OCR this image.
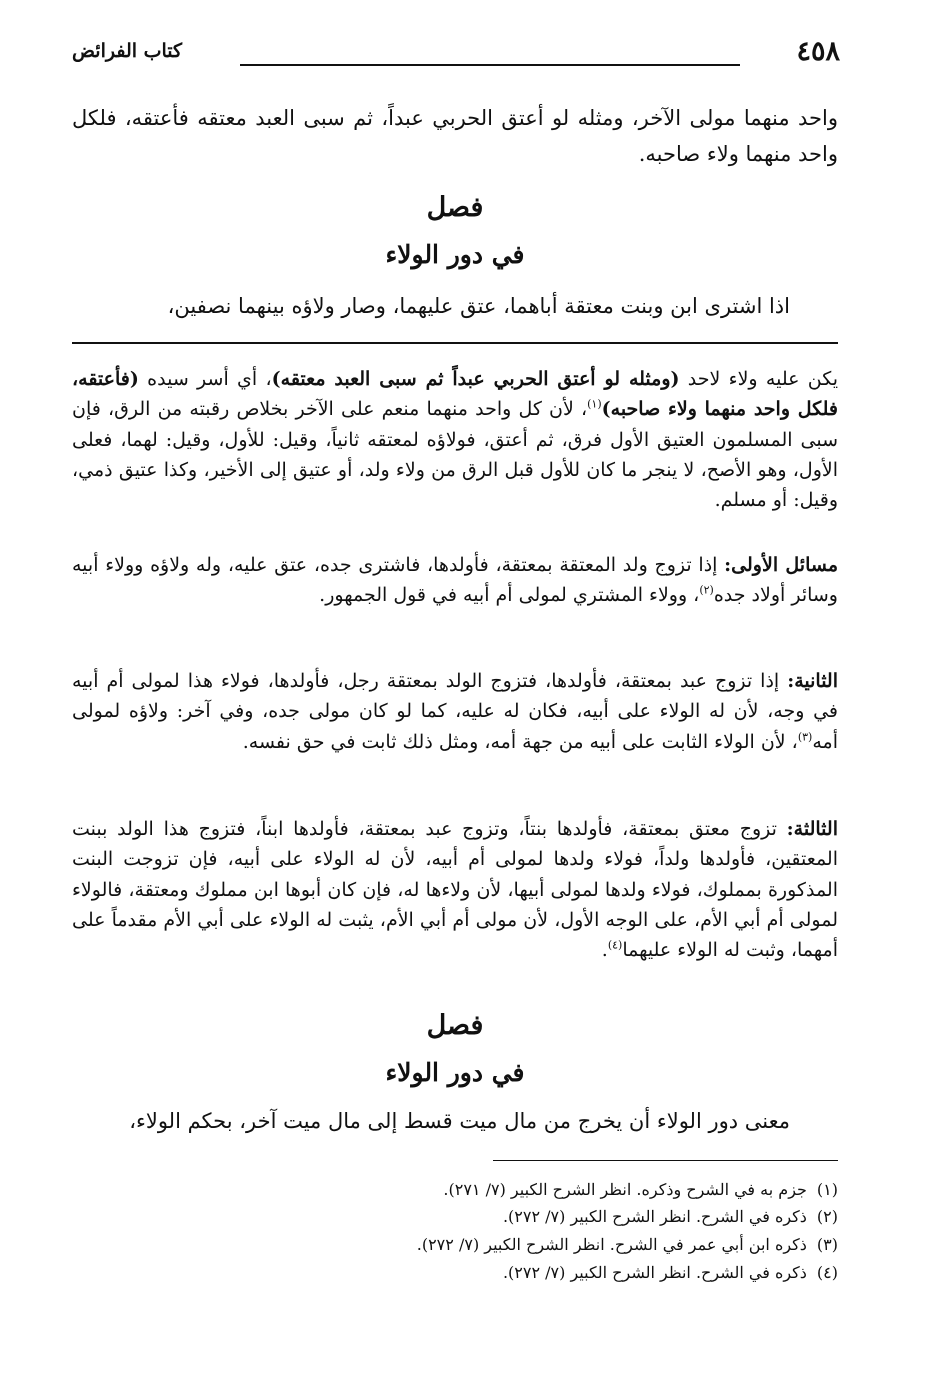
٤٥٨
كتاب الفرائض

واحد منهما مولى الآخر، ومثله لو أعتق الحربي عبداً، ثم سبى العبد معتقه فأعتقه، فلكل واحد منهما ولاء صاحبه.

فصل
في دور الولاء

اذا اشترى ابن وبنت معتقة أباهما، عتق عليهما، وصار ولاؤه بينهما نصفين،

يكن عليه ولاء لاحد (ومثله لو أعتق الحربي عبداً ثم سبى العبد معتقه)، أي أسر سيده (فأعتقه، فلكل واحد منهما ولاء صاحبه)$^{(١)}$، لأن كل واحد منهما منعم على الآخر بخلاص رقبته من الرق، فإن سبى المسلمون العتيق الأول فرق، ثم أعتق، فولاؤه لمعتقه ثانياً، وقيل: للأول، وقيل: لهما، فعلى الأول، وهو الأصح، لا ينجر ما كان للأول قبل الرق من ولاء ولد، أو عتيق إلى الأخير، وكذا عتيق ذمي، وقيل: أو مسلم.

مسائل الأولى: إذا تزوج ولد المعتقة بمعتقة، فأولدها، فاشترى جده، عتق عليه، وله ولاؤه وولاء أبيه وسائر أولاد جده$^{(٢)}$، وولاء المشتري لمولى أم أبيه في قول الجمهور.

الثانية: إذا تزوج عبد بمعتقة، فأولدها، فتزوج الولد بمعتقة رجل، فأولدها، فولاء هذا لمولى أم أبيه في وجه، لأن له الولاء على أبيه، فكان له عليه، كما لو كان مولى جده، وفي آخر: ولاؤه لمولى أمه$^{(٣)}$، لأن الولاء الثابت على أبيه من جهة أمه، ومثل ذلك ثابت في حق نفسه.

الثالثة: تزوج معتق بمعتقة، فأولدها بنتاً، وتزوج عبد بمعتقة، فأولدها ابناً، فتزوج هذا الولد ببنت المعتقين، فأولدها ولداً، فولاء ولدها لمولى أم أبيه، لأن له الولاء على أبيه، فإن تزوجت البنت المذكورة بمملوك، فولاء ولدها لمولى أبيها، لأن ولاءها له، فإن كان أبوها ابن مملوك ومعتقة، فالولاء لمولى أم أبي الأم، على الوجه الأول، لأن مولى أم أبي الأم، يثبت له الولاء على أبي الأم مقدماً على أمهما، وثبت له الولاء عليهما$^{(٤)}$.

فصل
في دور الولاء

معنى دور الولاء أن يخرج من مال ميت قسط إلى مال ميت آخر، بحكم الولاء،

(١)جزم به في الشرح وذكره. انظر الشرح الكبير (٧/ ٢٧١).
(٢)ذكره في الشرح. انظر الشرح الكبير (٧/ ٢٧٢).
(٣)ذكره ابن أبي عمر في الشرح. انظر الشرح الكبير (٧/ ٢٧٢).
(٤)ذكره في الشرح. انظر الشرح الكبير (٧/ ٢٧٢).
